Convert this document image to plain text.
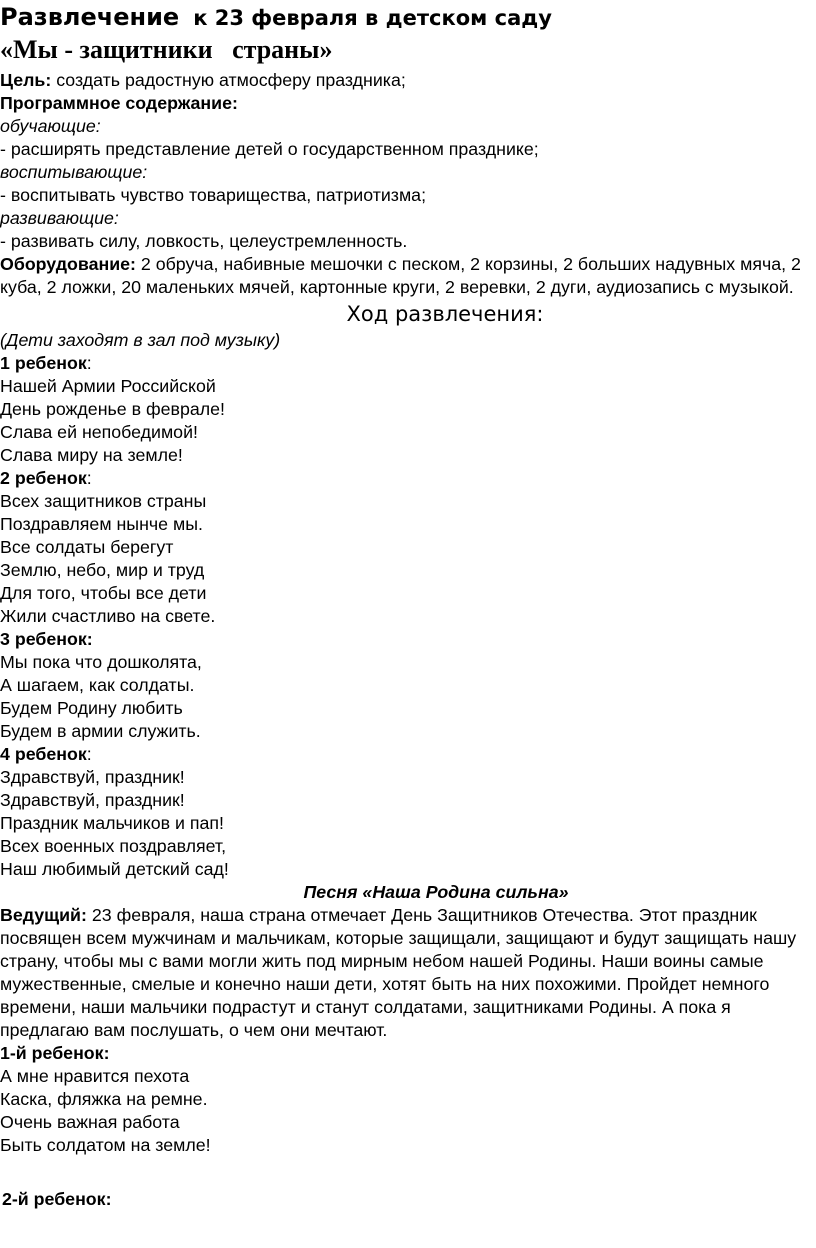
Развлечение к 23 февраля в детском саду
«Мы - защитники   страны»

Цель: создать радостную атмосферу праздника;

Программное содержание:

обучающие:

- расширять представление детей о государственном празднике;

воспитывающие:

- воспитывать чувство товарищества, патриотизма;

развивающие:

- развивать силу, ловкость, целеустремленность.

Оборудование: 2 обруча, набивные мешочки с песком, 2 корзины, 2 больших надувных мяча, 2 куба, 2 ложки, 20 маленьких мячей, картонные круги, 2 веревки, 2 дуги, аудиозапись с музыкой.

Ход развлечения:

(Дети заходят в зал под музыку)

1 ребенок:

Нашей Армии Российской

День рожденье в феврале!

Слава ей непобедимой!

Слава миру на земле!

2 ребенок:

Всех защитников страны

Поздравляем нынче мы.

Все солдаты берегут

Землю, небо, мир и труд

Для того, чтобы все дети

Жили счастливо на свете.

3 ребенок:

Мы пока что дошколята,

А шагаем, как солдаты.

Будем Родину любить

Будем в армии служить.

4 ребенок:

Здравствуй, праздник!

Здравствуй, праздник!

Праздник мальчиков и пап!

Всех военных поздравляет,

Наш любимый детский сад!

Песня «Наша Родина сильна»

Ведущий: 23 февраля, наша страна отмечает День Защитников Отечества. Этот праздник посвящен всем мужчинам и мальчикам, которые защищали, защищают и будут защищать нашу страну, чтобы мы с вами могли жить под мирным небом нашей Родины. Наши воины самые мужественные, смелые и конечно наши дети, хотят быть на них похожими. Пройдет немного времени, наши мальчики подрастут и станут солдатами, защитниками Родины. А пока я предлагаю вам послушать, о чем они мечтают.

1-й ребенок:

А мне нравится пехота

Каска, фляжка на ремне.

Очень важная работа

Быть солдатом на земле!

2-й ребенок:
